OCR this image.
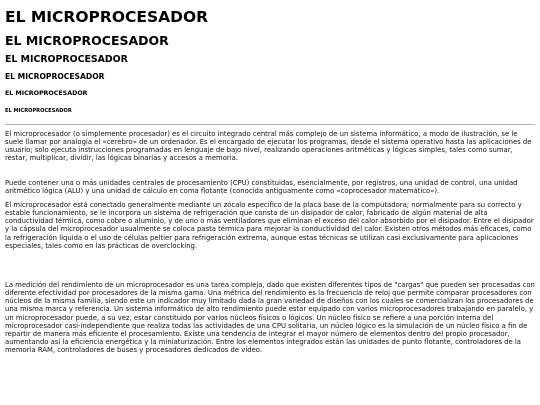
EL MICROPROCESADOR
EL MICROPROCESADOR
EL MICROPROCESADOR
EL MICROPROCESADOR
EL MICROPROCESADOR
EL MICROPROCESADOR

El microprocesador (o simplemente procesador) es el circuito integrado central más complejo de un sistema informático; a modo de ilustración, se le suele llamar por analogía el «cerebro» de un ordenador. Es el encargado de ejecutar los programas, desde el sistema operativo hasta las aplicaciones de usuario; solo ejecuta instrucciones programadas en lenguaje de bajo nivel, realizando operaciones aritméticas y lógicas simples, tales como sumar, restar, multiplicar, dividir, las lógicas binarias y accesos a memoria.

Puede contener una o más unidades centrales de procesamiento (CPU) constituidas, esencialmente, por registros, una unidad de control, una unidad aritmético lógica (ALU) y una unidad de cálculo en coma flotante (conocida antiguamente como «coprocesador matemático»).

El microprocesador está conectado generalmente mediante un zócalo específico de la placa base de la computadora; normalmente para su correcto y estable funcionamiento, se le incorpora un sistema de refrigeración que consta de un disipador de calor, fabricado de algún material de alta conductividad térmica, como cobre o aluminio, y de uno o más ventiladores que eliminan el exceso del calor absorbido por el disipador. Entre el disipador y la cápsula del microprocesador usualmente se coloca pasta térmica para mejorar la conductividad del calor. Existen otros métodos más eficaces, como la refrigeración líquida o el uso de células peltier para refrigeración extrema, aunque estas técnicas se utilizan casi exclusivamente para aplicaciones especiales, tales como en las prácticas de overclocking.

La medición del rendimiento de un microprocesador es una tarea compleja, dado que existen diferentes tipos de "cargas" que pueden ser procesadas con diferente efectividad por procesadores de la misma gama. Una métrica del rendimiento es la frecuencia de reloj que permite comparar procesadores con núcleos de la misma familia, siendo este un indicador muy limitado dada la gran variedad de diseños con los cuales se comercializan los procesadores de una misma marca y referencia. Un sistema informático de alto rendimiento puede estar equipado con varios microprocesadores trabajando en paralelo, y un microprocesador puede, a su vez, estar constituido por varios núcleos físicos o lógicos. Un núcleo físico se refiere a una porción interna del microprocesador casi-independiente que realiza todas las actividades de una CPU solitaria, un núcleo lógico es la simulación de un núcleo físico a fin de repartir de manera más eficiente el procesamiento. Existe una tendencia de integrar el mayor número de elementos dentro del propio procesador, aumentando así la eficiencia energética y la miniaturización. Entre los elementos integrados están las unidades de punto flotante, controladores de la memoria RAM, controladores de buses y procesadores dedicados de vídeo.
